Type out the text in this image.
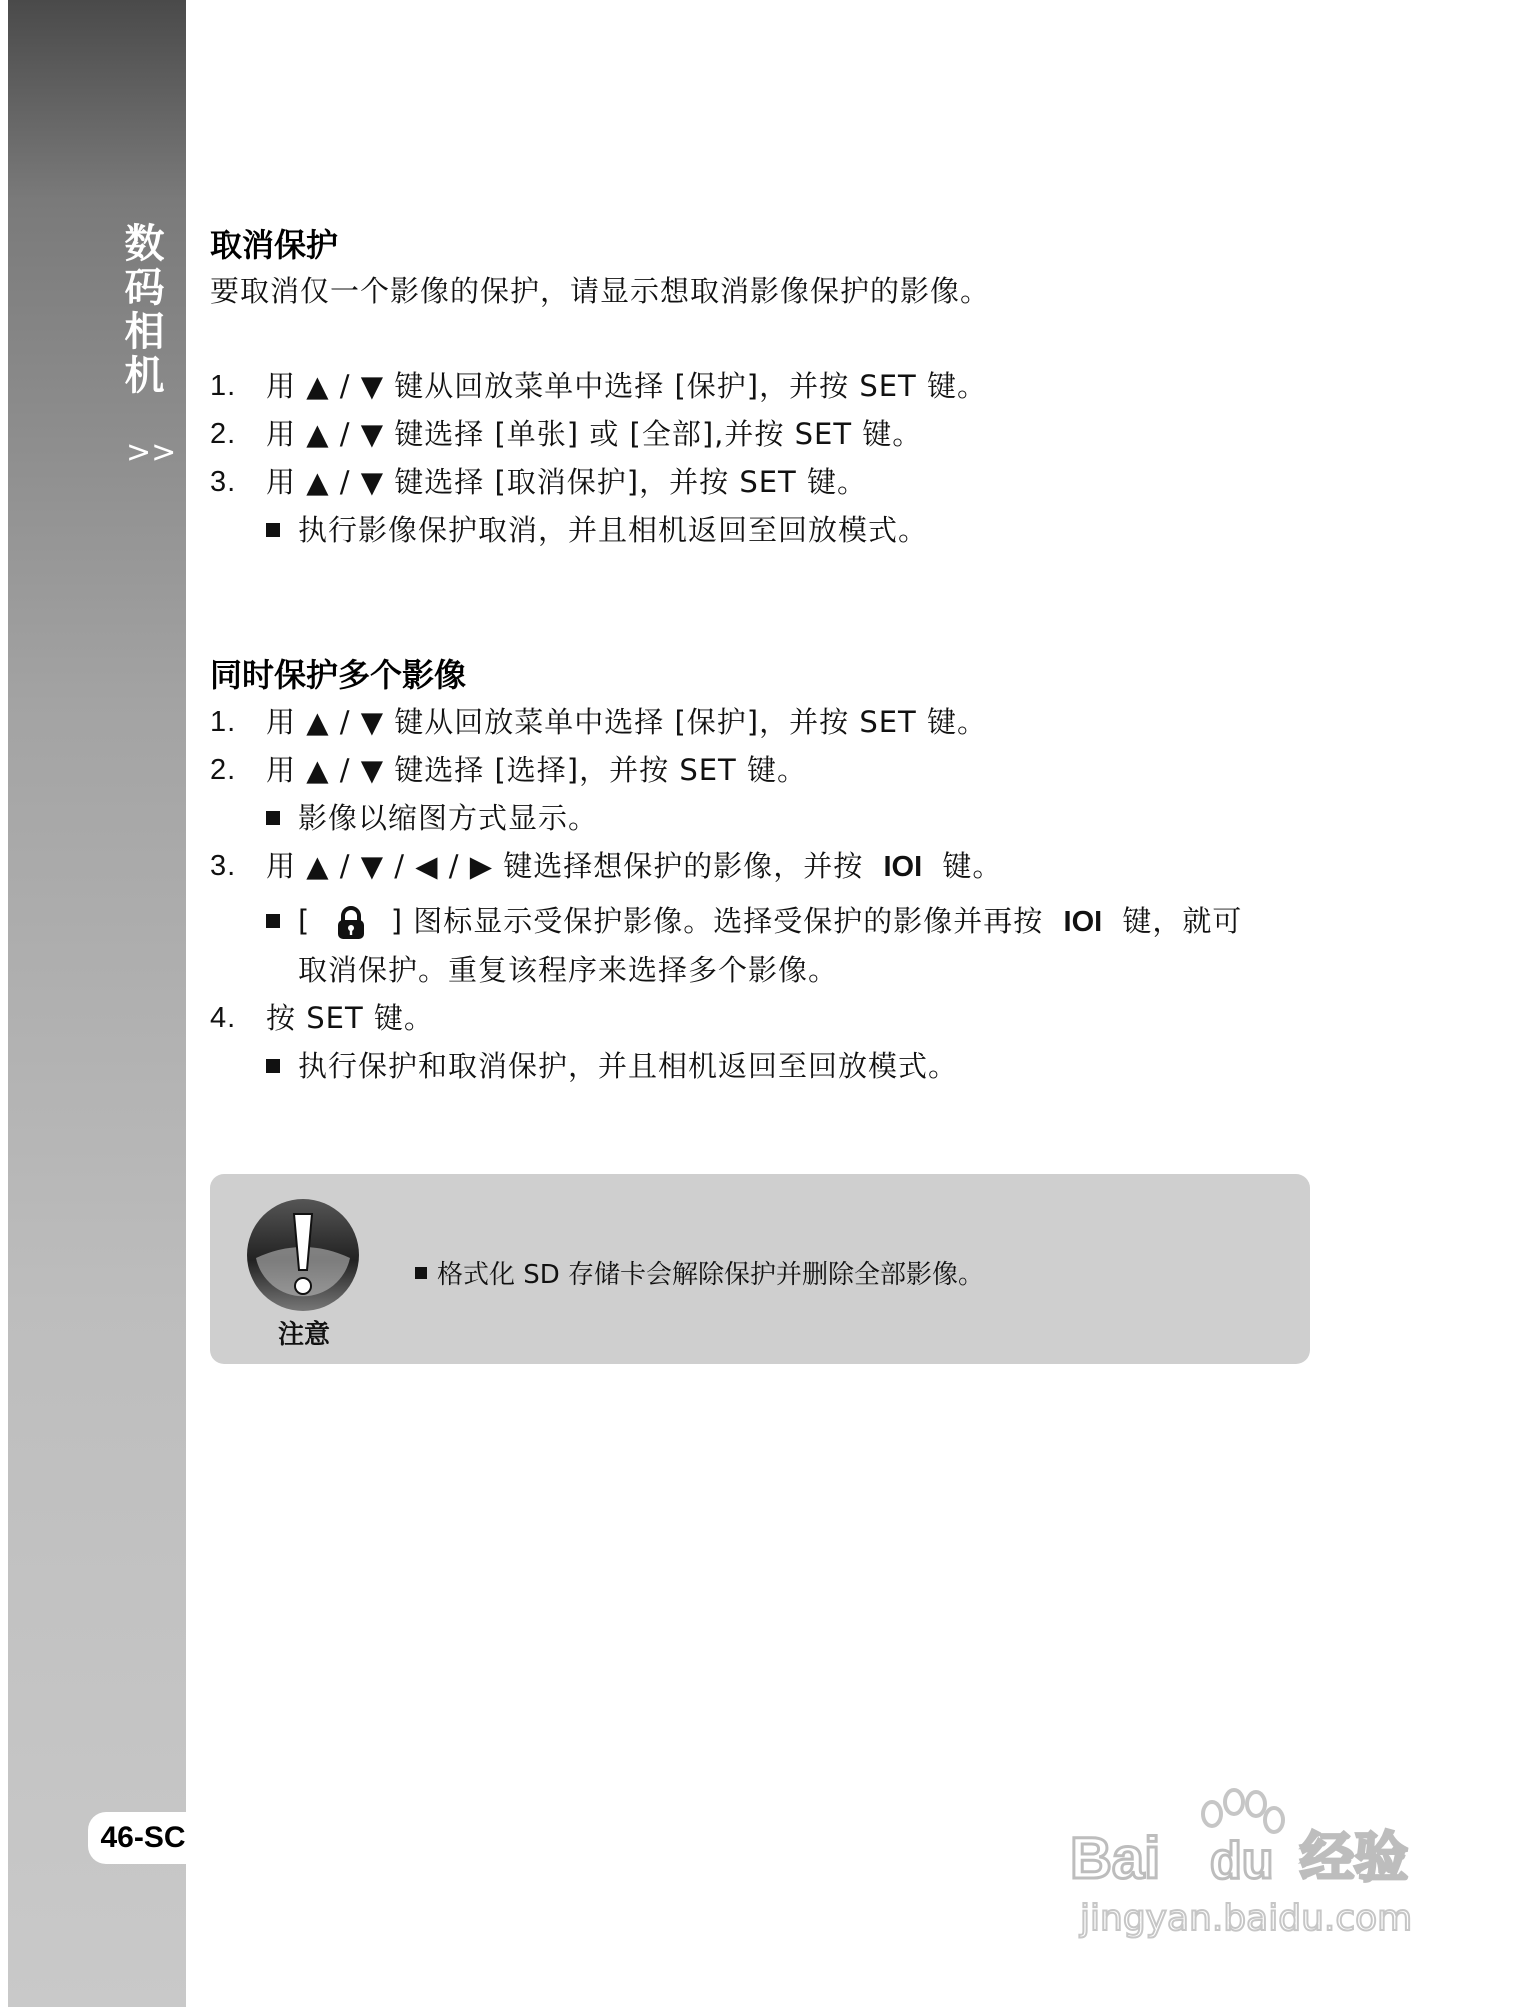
数码相机
>>
46-SC
取消保护

要取消仅一个影像的保护，请显示想取消影像保护的影像。

1.	用 ▲ / ▼ 键从回放菜单中选择 [保护]，并按 SET 键。
2.	用 ▲ / ▼ 键选择 [单张] 或 [全部],并按 SET 键。
3.	用 ▲ / ▼ 键选择 [取消保护]，并按 SET 键。
执行影像保护取消，并且相机返回至回放模式。
同时保护多个影像
1.	用 ▲ / ▼ 键从回放菜单中选择 [保护]，并按 SET 键。
2.	用 ▲ / ▼ 键选择 [选择]，并按 SET 键。
影像以缩图方式显示。
3.	用 ▲ / ▼ / ◀ / ▶ 键选择想保护的影像，并按 IOI 键。
[	] 图标显示受保护影像。选择受保护的影像并再按 IOI 键，就可
取消保护。重复该程序来选择多个影像。
4.	按 SET 键。
执行保护和取消保护，并且相机返回至回放模式。
注意
格式化 SD 存储卡会解除保护并删除全部影像。
Bai du 经验
jingyan.baidu.com
